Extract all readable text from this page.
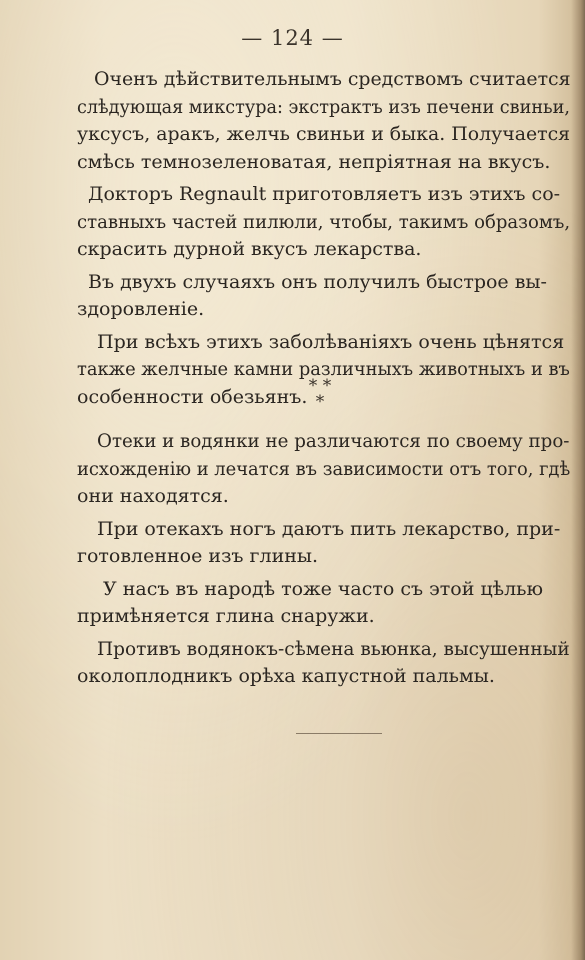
— 124 —

Оченъ дѣйствительнымъ средствомъ считается
слѣдующая микстура: экстрактъ изъ печени свиньи,
уксусъ, аракъ, желчь свиньи и быка. Получается
смѣсь темнозеленоватая, непріятная на вкусъ.

Докторъ Regnault приготовляетъ изъ этихъ со-
ставныхъ частей пилюли, чтобы, такимъ образомъ,
скрасить дурной вкусъ лекарства.

Въ двухъ случаяхъ онъ получилъ быстрое вы-
здоровленіе.

При всѣхъ этихъ заболѣваніяхъ очень цѣнятся
также желчные камни различныхъ животныхъ и въ
особенности обезьянъ. * *
*

Отеки и водянки не различаются по своему про-
исхожденію и лечатся въ зависимости отъ того, гдѣ
они находятся.

При отекахъ ногъ даютъ пить лекарство, при-
готовленное изъ глины.

У насъ въ народѣ тоже часто съ этой цѣлью
примѣняется глина снаружи.

Противъ водянокъ-сѣмена вьюнка, высушенный
околоплодникъ орѣха капустной пальмы.
